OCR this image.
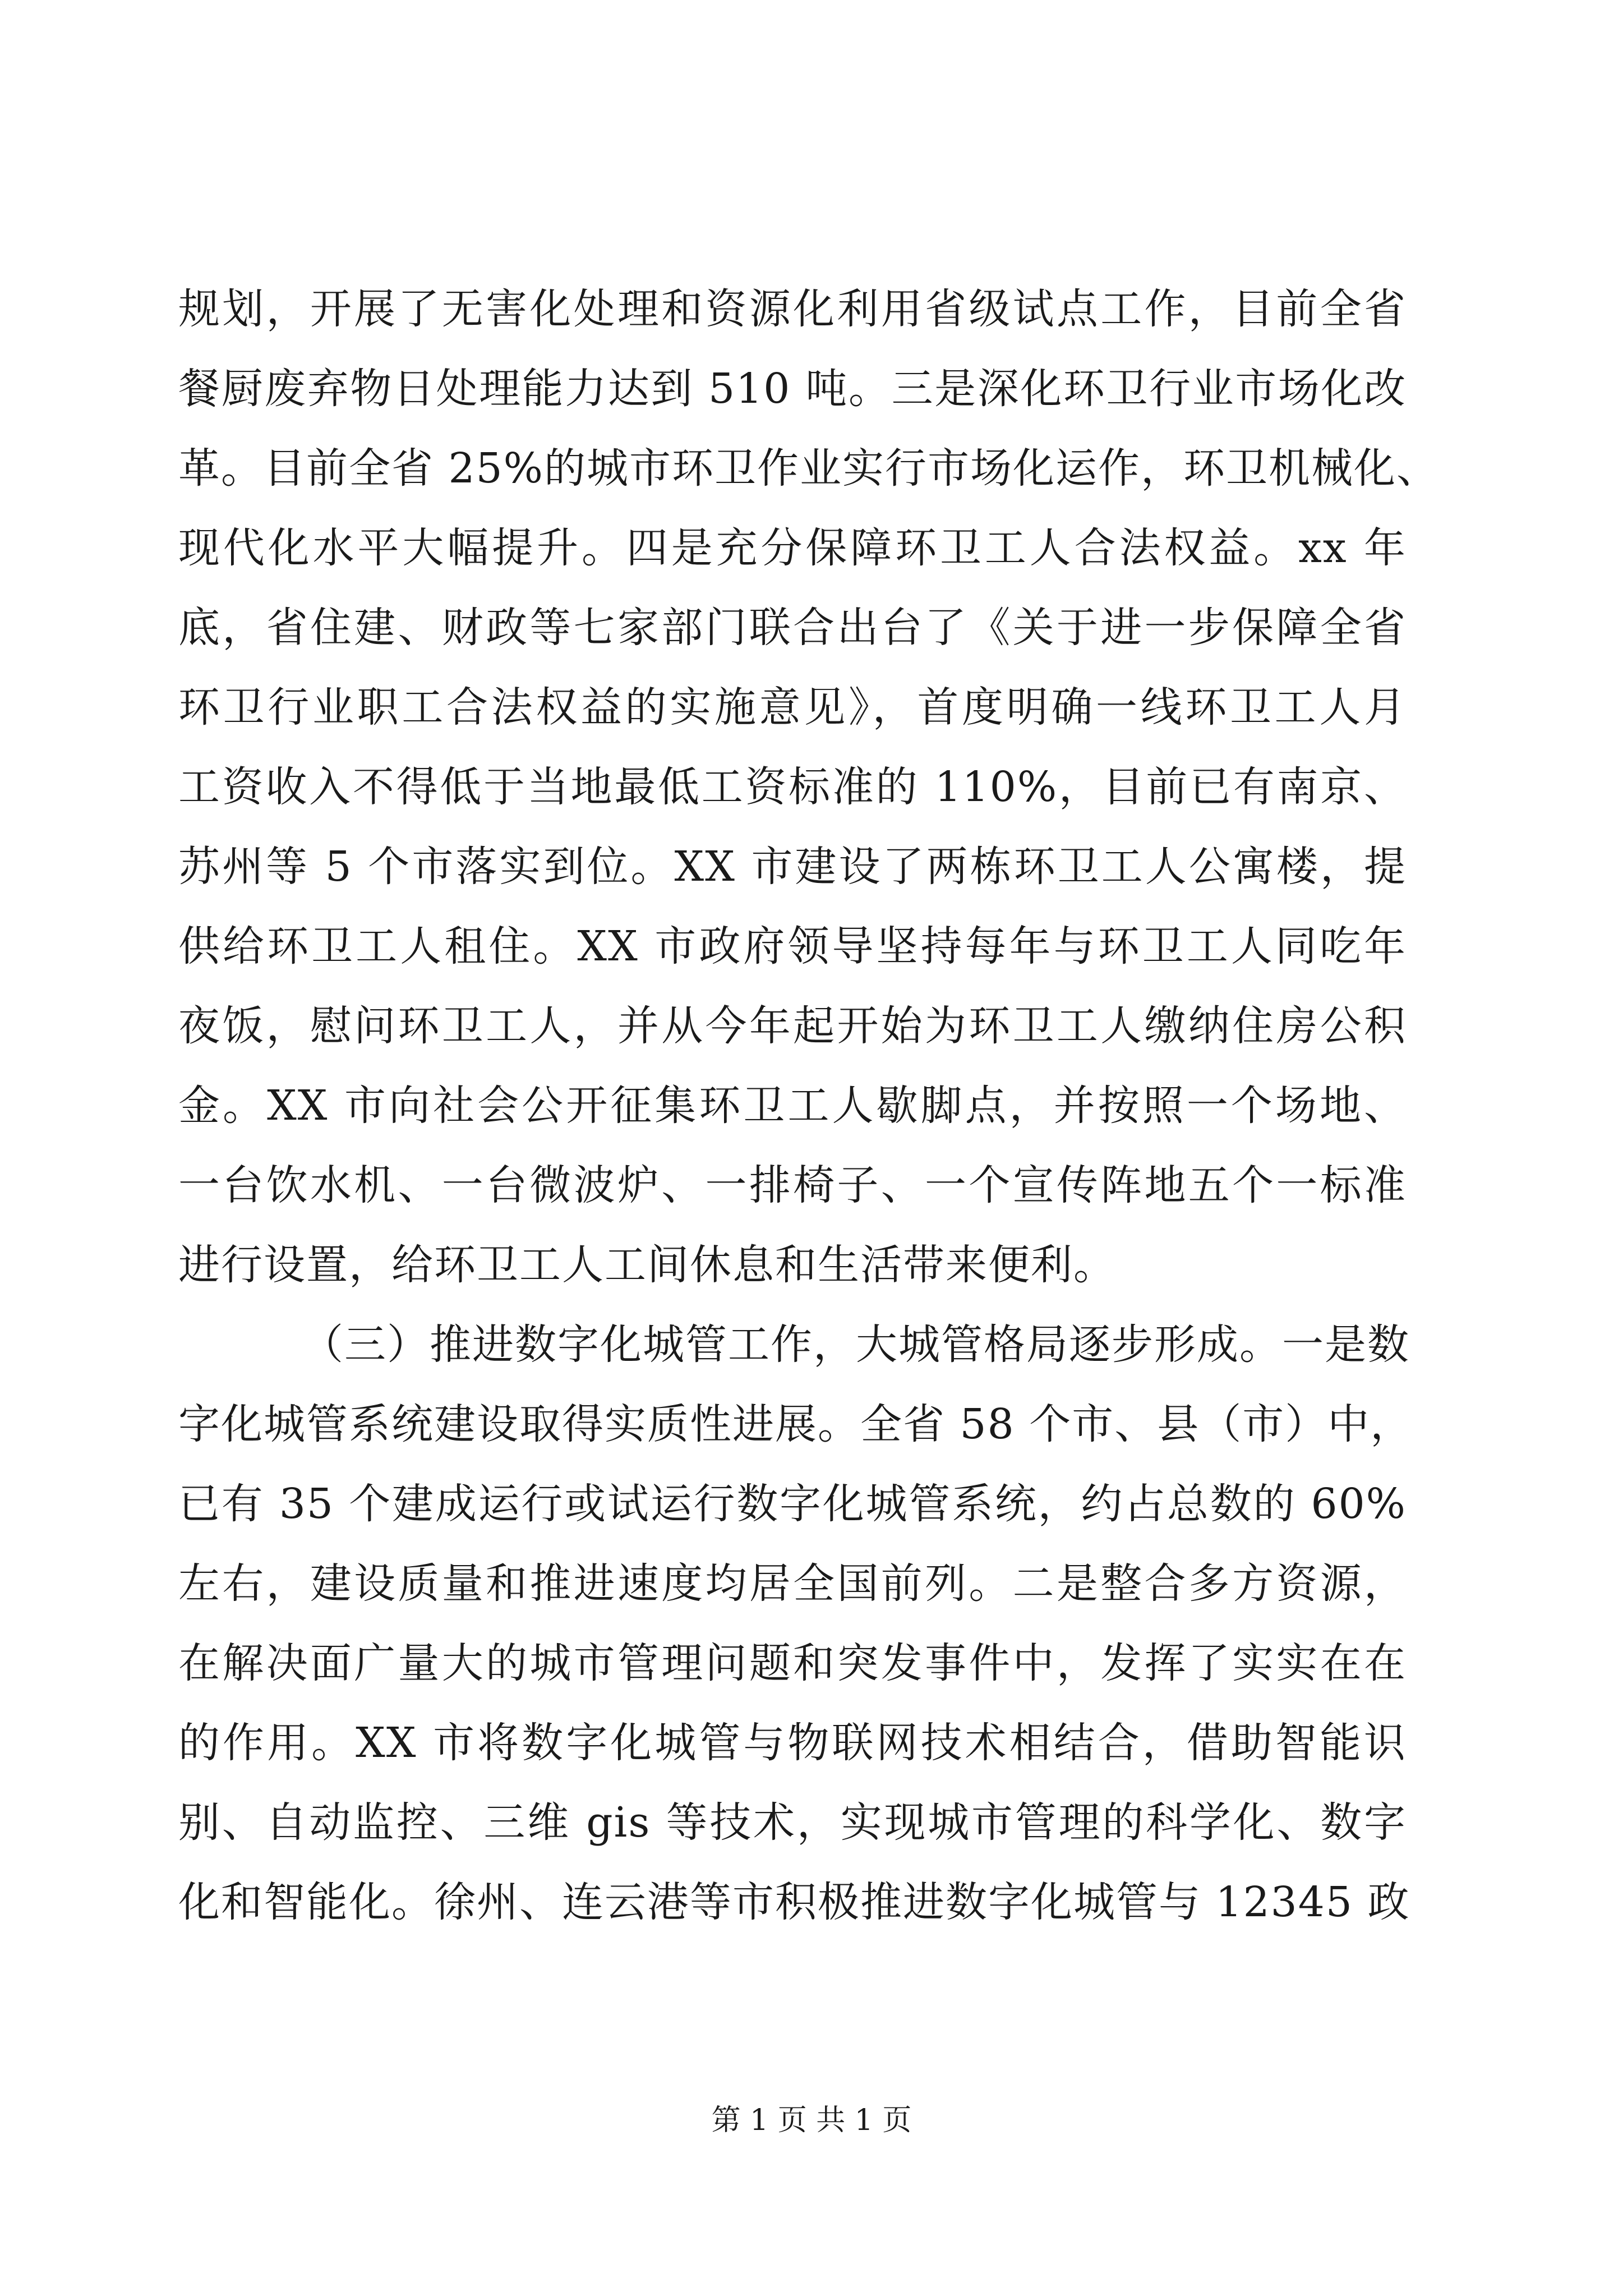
规划，开展了无害化处理和资源化利用省级试点工作，目前全省
餐厨废弃物日处理能力达到 510 吨。三是深化环卫行业市场化改
革。目前全省 25%的城市环卫作业实行市场化运作，环卫机械化、
现代化水平大幅提升。四是充分保障环卫工人合法权益。xx 年
底，省住建、财政等七家部门联合出台了《关于进一步保障全省
环卫行业职工合法权益的实施意见》，首度明确一线环卫工人月
工资收入不得低于当地最低工资标准的 110%，目前已有南京、
苏州等 5 个市落实到位。XX 市建设了两栋环卫工人公寓楼，提
供给环卫工人租住。XX 市政府领导坚持每年与环卫工人同吃年
夜饭，慰问环卫工人，并从今年起开始为环卫工人缴纳住房公积
金。XX 市向社会公开征集环卫工人歇脚点，并按照一个场地、
一台饮水机、一台微波炉、一排椅子、一个宣传阵地五个一标准
进行设置，给环卫工人工间休息和生活带来便利。
（三）推进数字化城管工作，大城管格局逐步形成。一是数
字化城管系统建设取得实质性进展。全省 58 个市、县（市）中，
已有 35 个建成运行或试运行数字化城管系统，约占总数的 60%
左右，建设质量和推进速度均居全国前列。二是整合多方资源，
在解决面广量大的城市管理问题和突发事件中，发挥了实实在在
的作用。XX 市将数字化城管与物联网技术相结合，借助智能识
别、自动监控、三维 gis 等技术，实现城市管理的科学化、数字
化和智能化。徐州、连云港等市积极推进数字化城管与 12345 政
第 1 页 共 1 页
